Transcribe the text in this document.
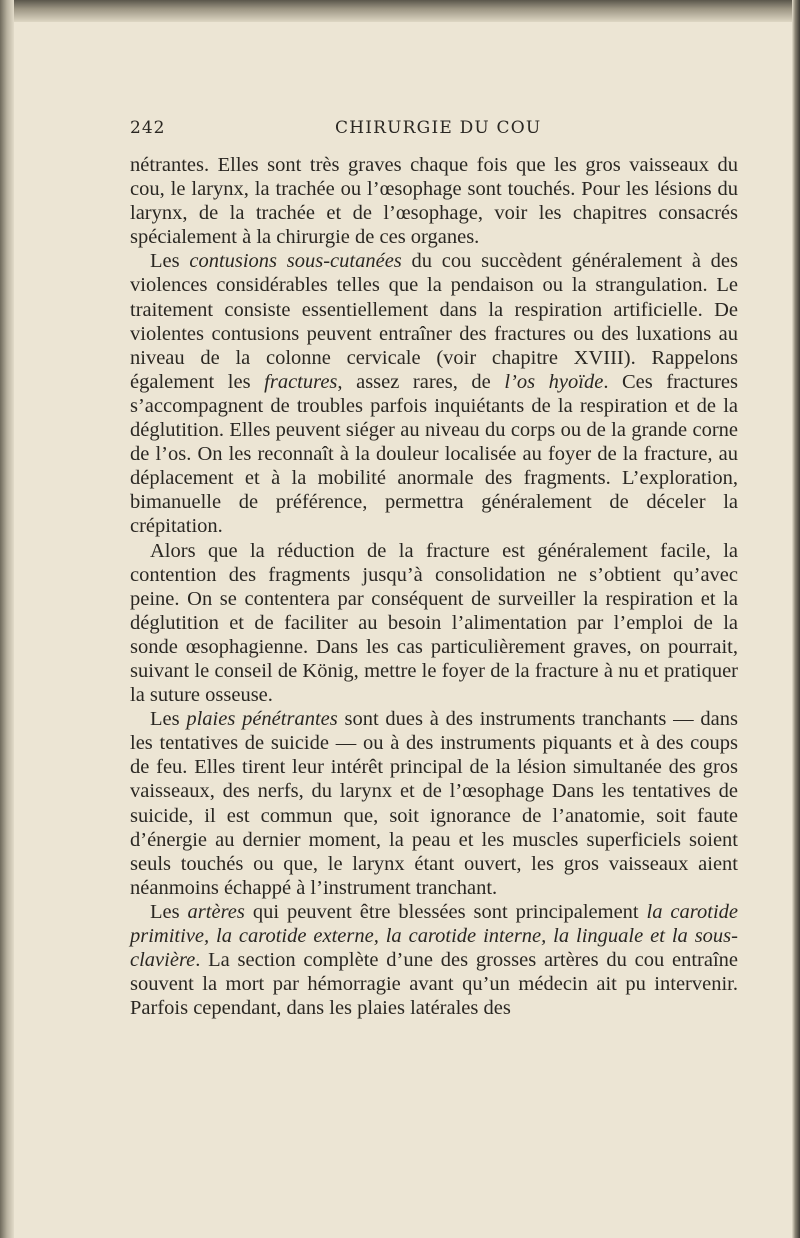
242	CHIRURGIE DU COU

nétrantes. Elles sont très graves chaque fois que les gros vaisseaux du cou, le larynx, la trachée ou l’œsophage sont touchés. Pour les lésions du larynx, de la trachée et de l’œsophage, voir les chapitres consacrés spécialement à la chirurgie de ces organes.

Les contusions sous-cutanées du cou succèdent généralement à des violences considérables telles que la pendaison ou la strangulation. Le traitement consiste essentiellement dans la respiration artificielle. De violentes contusions peuvent entraîner des fractures ou des luxations au niveau de la colonne cervicale (voir chapitre XVIII). Rappelons également les fractures, assez rares, de l’os hyoïde. Ces fractures s’accompagnent de troubles parfois inquiétants de la respiration et de la déglutition. Elles peuvent siéger au niveau du corps ou de la grande corne de l’os. On les reconnaît à la douleur localisée au foyer de la fracture, au déplacement et à la mobilité anormale des fragments. L’exploration, bimanuelle de préférence, permettra généralement de déceler la crépitation.

Alors que la réduction de la fracture est généralement facile, la contention des fragments jusqu’à consolidation ne s’obtient qu’avec peine. On se contentera par conséquent de surveiller la respiration et la déglutition et de faciliter au besoin l’alimentation par l’emploi de la sonde œsophagienne. Dans les cas particulièrement graves, on pourrait, suivant le conseil de König, mettre le foyer de la fracture à nu et pratiquer la suture osseuse.

Les plaies pénétrantes sont dues à des instruments tranchants — dans les tentatives de suicide — ou à des instruments piquants et à des coups de feu. Elles tirent leur intérêt principal de la lésion simultanée des gros vaisseaux, des nerfs, du larynx et de l’œsophage Dans les tentatives de suicide, il est commun que, soit ignorance de l’anatomie, soit faute d’énergie au dernier moment, la peau et les muscles superficiels soient seuls touchés ou que, le larynx étant ouvert, les gros vaisseaux aient néanmoins échappé à l’instrument tranchant.

Les artères qui peuvent être blessées sont principalement la carotide primitive, la carotide externe, la carotide interne, la linguale et la sous-clavière. La section complète d’une des grosses artères du cou entraîne souvent la mort par hémorragie avant qu’un médecin ait pu intervenir. Parfois cependant, dans les plaies latérales des
